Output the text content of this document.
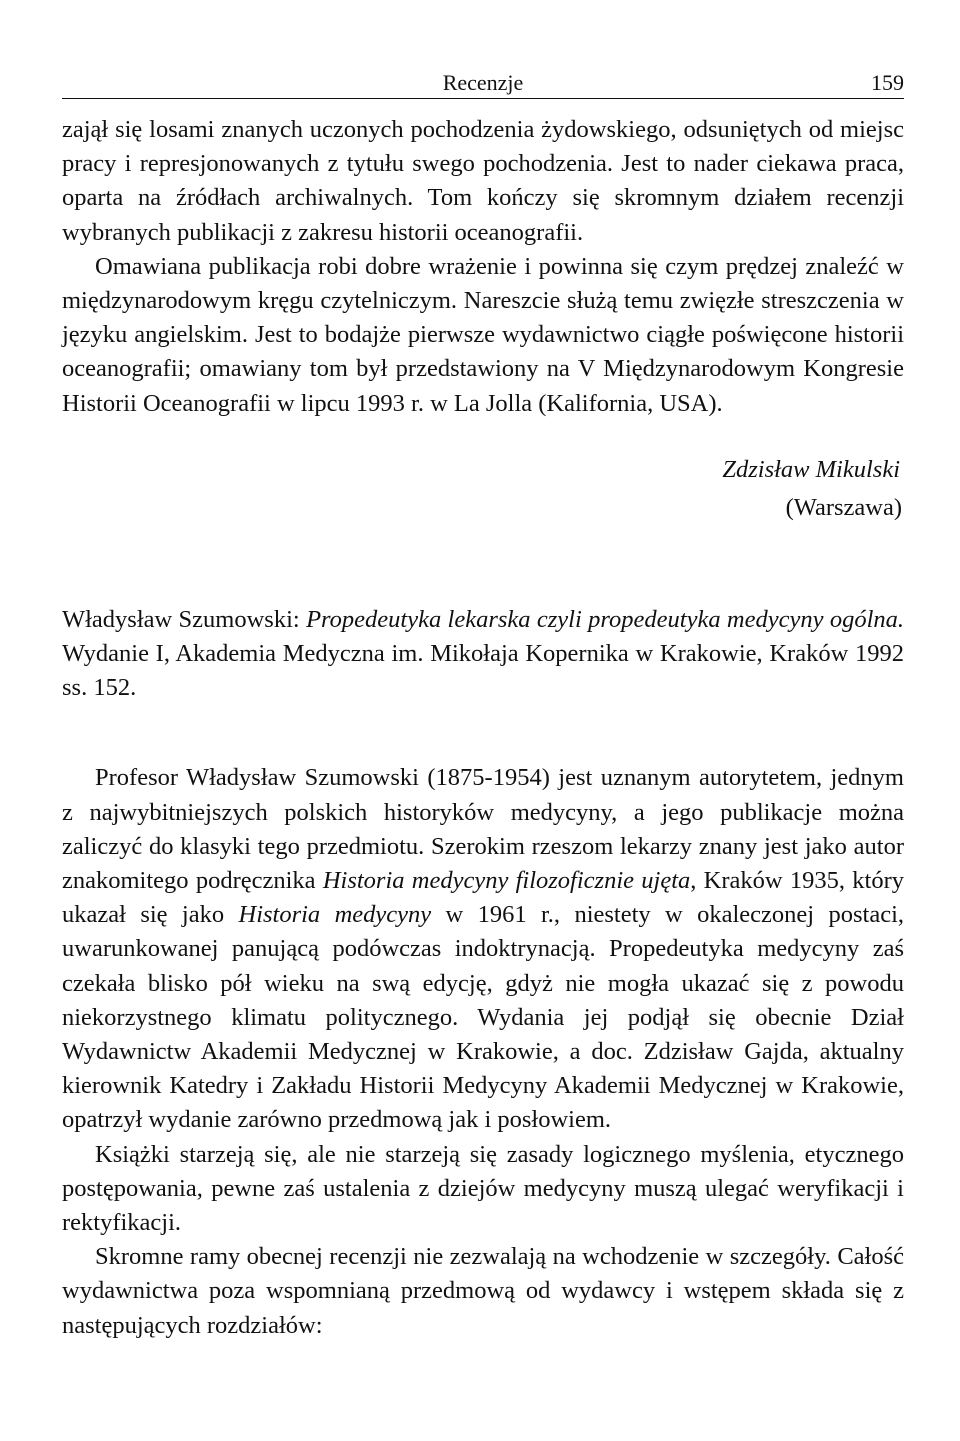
Recenzje	159

zajął się losami znanych uczonych pochodzenia żydowskiego, odsuniętych od miejsc pracy i represjonowanych z tytułu swego pochodzenia. Jest to nader ciekawa praca, oparta na źródłach archiwalnych. Tom kończy się skromnym działem recenzji wybranych publikacji z zakresu historii oceanografii.

Omawiana publikacja robi dobre wrażenie i powinna się czym prędzej znaleźć w międzynarodowym kręgu czytelniczym. Nareszcie służą temu zwięzłe streszczenia w języku angielskim. Jest to bodajże pierwsze wydawnictwo ciągłe poświęcone historii oceanografii; omawiany tom był przedstawiony na V Międzynarodowym Kongresie Historii Oceanografii w lipcu 1993 r. w La Jolla (Kalifornia, USA).

Zdzisław Mikulski
(Warszawa)

Władysław Szumowski: Propedeutyka lekarska czyli propedeutyka medycyny ogólna. Wydanie I, Akademia Medyczna im. Mikołaja Kopernika w Krakowie, Kraków 1992 ss. 152.

Profesor Władysław Szumowski (1875-1954) jest uznanym autorytetem, jednym z najwybitniejszych polskich historyków medycyny, a jego publikacje można zaliczyć do klasyki tego przedmiotu. Szerokim rzeszom lekarzy znany jest jako autor znakomitego podręcznika Historia medycyny filozoficznie ujęta, Kraków 1935, który ukazał się jako Historia medycyny w 1961 r., niestety w okaleczonej postaci, uwarunkowanej panującą podówczas indoktrynacją. Propedeutyka medycyny zaś czekała blisko pół wieku na swą edycję, gdyż nie mogła ukazać się z powodu niekorzystnego klimatu politycznego. Wydania jej podjął się obecnie Dział Wydawnictw Akademii Medycznej w Krakowie, a doc. Zdzisław Gajda, aktualny kierownik Katedry i Zakładu Historii Medycyny Akademii Medycznej w Krakowie, opatrzył wydanie zarówno przedmową jak i posłowiem.

Książki starzeją się, ale nie starzeją się zasady logicznego myślenia, etycznego postępowania, pewne zaś ustalenia z dziejów medycyny muszą ulegać weryfikacji i rektyfikacji.

Skromne ramy obecnej recenzji nie zezwalają na wchodzenie w szczegóły. Całość wydawnictwa poza wspomnianą przedmową od wydawcy i wstępem składa się z następujących rozdziałów:
